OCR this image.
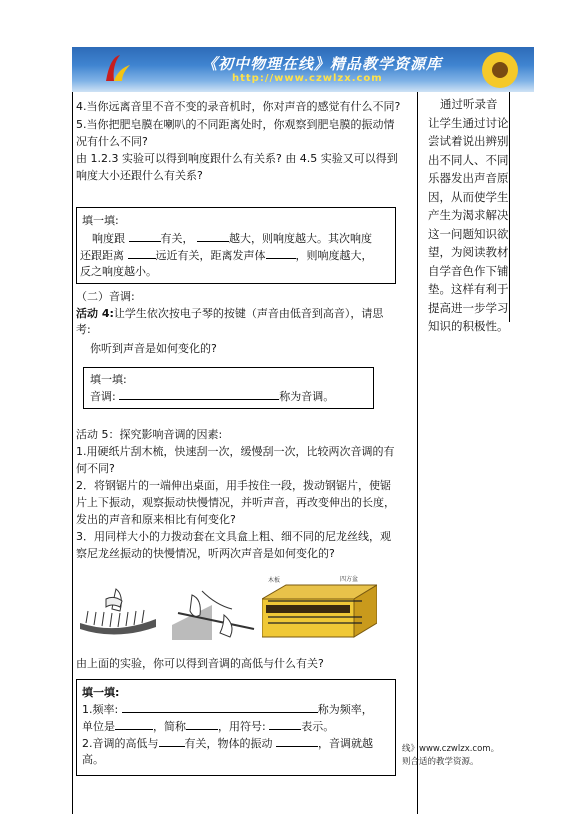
《初中物理在线》精品教学资源库
http://www.czwlzx.com
通过听录音
让学生通过讨论
尝试着说出辨别
出不同人、不同
乐器发出声音原
因，从而使学生
产生为渴求解决
这一问题知识欲
望，为阅读教材
自学音色作下铺
垫。这样有利于
提高进一步学习
知识的积极性。
4.当你远离音里不音不变的录音机时，你对声音的感觉有什么不同?
5.当你把肥皂膜在喇叭的不同距离处时，你观察到肥皂膜的振动情
况有什么不同?
由 1.2.3 实验可以得到响度跟什么有关系? 由 4.5 实验又可以得到
响度大小还跟什么有关系?
填一填:
响度跟	有关，	越大，则响度越大。其次响度
还跟距离	远近有关，距离发声体	，则响度越大，
反之响度越小。
（二）音调:
活动 4:让学生依次按电子琴的按键（声音由低音到高音），请思
考:
你听到声音是如何变化的?
填一填:
音调:	称为音调。
活动 5：探究影响音调的因素:
1.用硬纸片刮木梳，快速刮一次，缓慢刮一次，比较两次音调的有
何不同?
2．将钢锯片的一端伸出桌面，用手按住一段，拨动钢锯片，使锯
片上下振动，观察振动快慢情况，并听声音，再改变伸出的长度，
发出的声音和原来相比有何变化?
3．用同样大小的力拨动套在文具盒上粗、细不同的尼龙丝线，观
察尼龙丝振动的快慢情况，听两次声音是如何变化的?
木板	四方盆
由上面的实验，你可以得到音调的高低与什么有关?
填一填:
1.频率:	称为频率，
单位是	，简称	，用符号:	表示。
2.音调的高低与 有关，物体的振动	，音调就越
高。
线》www.czwlzx.com。
则合适的教学资源。
